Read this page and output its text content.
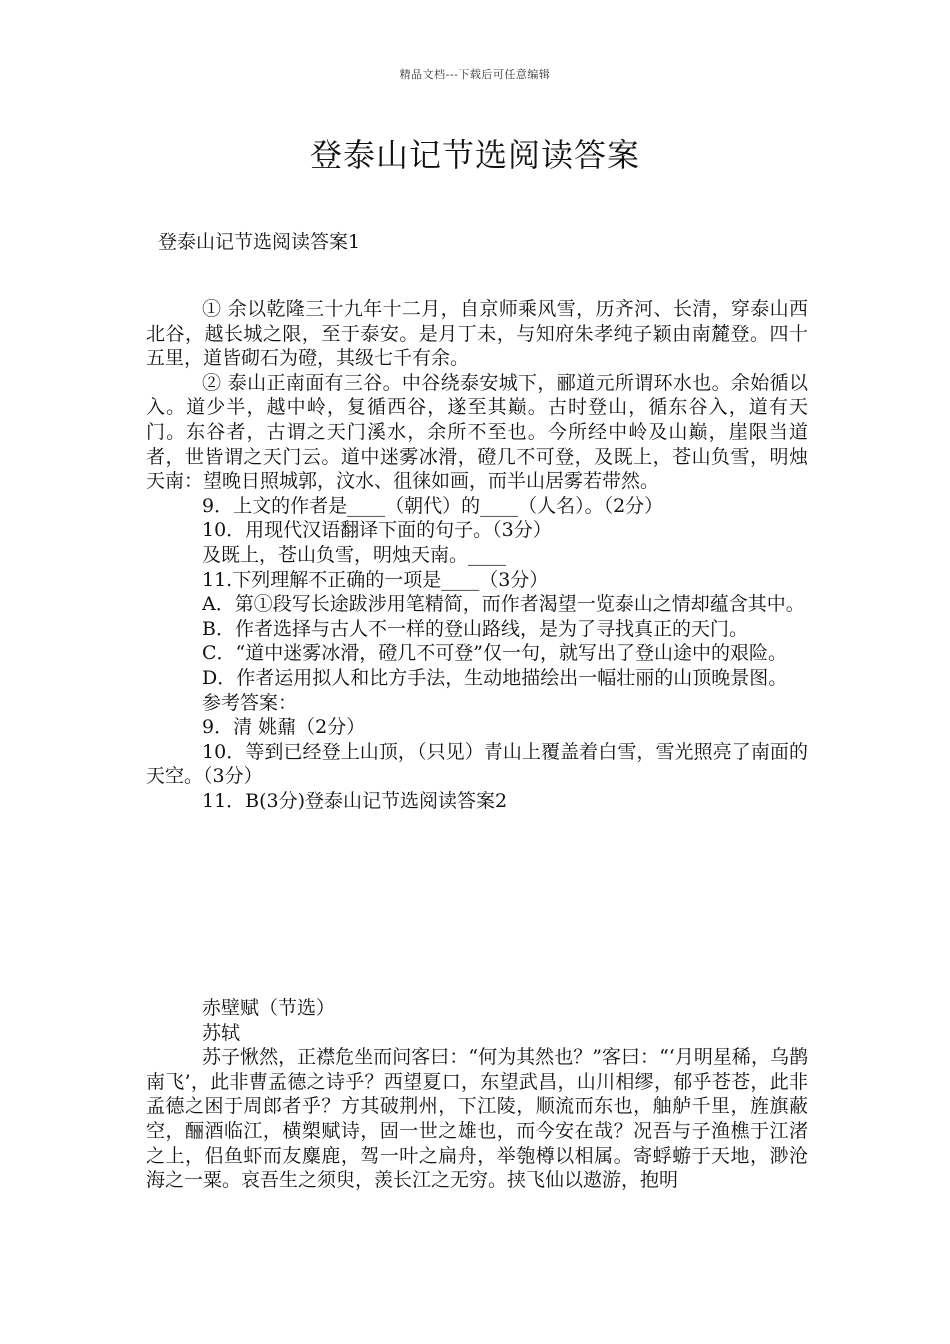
精品文档---下载后可任意编辑
登泰山记节选阅读答案
登泰山记节选阅读答案1

① 余以乾隆三十九年十二月，自京师乘风雪，历齐河、长清，穿泰山西北谷，越长城之限，至于泰安。是月丁未，与知府朱孝纯子颖由南麓登。四十五里，道皆砌石为磴，其级七千有余。

② 泰山正南面有三谷。中谷绕泰安城下，郦道元所谓环水也。余始循以入。道少半，越中岭，复循西谷，遂至其巅。古时登山，循东谷入，道有天门。东谷者，古谓之天门溪水，余所不至也。今所经中岭及山巅，崖限当道者，世皆谓之天门云。道中迷雾冰滑，磴几不可登，及既上，苍山负雪，明烛天南：望晚日照城郭，汶水、徂徕如画，而半山居雾若带然。

9．上文的作者是____（朝代）的____（人名）。（2分）

10．用现代汉语翻译下面的句子。（3分）

及既上，苍山负雪，明烛天南。____

11.下列理解不正确的一项是____（3分）

A．第①段写长途跋涉用笔精简，而作者渴望一览泰山之情却蕴含其中。

B．作者选择与古人不一样的登山路线，是为了寻找真正的天门。

C．“道中迷雾冰滑，磴几不可登”仅一句，就写出了登山途中的艰险。

D．作者运用拟人和比方手法，生动地描绘出一幅壮丽的山顶晚景图。

参考答案：

9．清 姚鼐（2分）

10．等到已经登上山顶，（只见）青山上覆盖着白雪，雪光照亮了南面的天空。（3分）

11．B(3分)登泰山记节选阅读答案2

赤壁赋（节选）

苏轼

苏子愀然，正襟危坐而问客曰：“何为其然也？”客曰：“‘月明星稀，乌鹊南飞’，此非曹孟德之诗乎？西望夏口，东望武昌，山川相缪，郁乎苍苍，此非孟德之困于周郎者乎？方其破荆州，下江陵，顺流而东也，舳舻千里，旌旗蔽空，酾酒临江，横槊赋诗，固一世之雄也，而今安在哉？况吾与子渔樵于江渚之上，侣鱼虾而友麋鹿，驾一叶之扁舟，举匏樽以相属。寄蜉蝣于天地，渺沧海之一粟。哀吾生之须臾，羡长江之无穷。挟飞仙以遨游，抱明
